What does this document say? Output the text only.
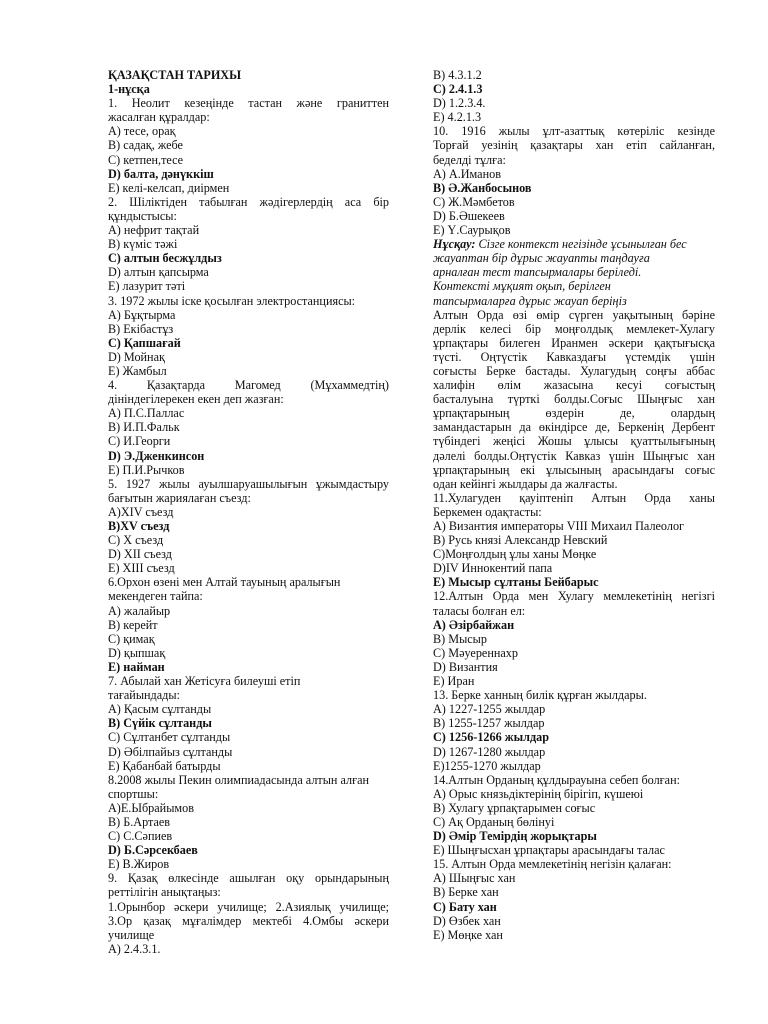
ҚАЗАҚСТАН ТАРИХЫ
1-нұсқа
1. Неолит кезеңінде тастан және граниттен
жасалған құралдар:
А) тесе, орақ
В) садақ, жебе
С) кетпен,тесе
D) балта, дәнүккіш
Е) келі-келсап, диірмен
2. Шіліктіден табылған жәдігерлердің аса бір
құндыстысы:
А) нефрит тақтай
В) күміс тәжі
С) алтын бесжұлдыз
D) алтын қапсырма
Е) лазурит тәті
3. 1972 жылы іске қосылған электростанциясы:
А) Бұқтырма
В) Екібастұз
С) Қапшағай
D) Мойнақ
Е) Жамбыл
4. Қазақтарда Магомед (Мұхаммедтің)
дінiндегілерекен екен деп жазған:
А) П.С.Паллас
В) И.П.Фальк
С) И.Георги
D) Э.Дженкинсон
Е) П.И.Рычков
5. 1927 жылы ауылшаруашылығын ұжымдастыру
бағытын жариялаған съезд:
А)XIV съезд
В)XV съезд
С) X съезд
D) XII съезд
Е) XIII съезд
6.Орхон өзені мен Алтай тауының аралығын
мекендеген тайпа:
А) жалайыр
В) керейт
С) қимақ
D) қыпшақ
Е) найман
7. Абылай хан Жетісуға билеуші етіп
тағайындады:
А) Қасым сұлтанды
В) Сүйік сұлтанды
С) Сұлтанбет сұлтанды
D) Әбілпайыз сұлтанды
Е) Қабанбай батырды
8.2008 жылы Пекин олимпиадасында алтын алған
спортшы:
А)Е.Ыбрайымов
В) Б.Артаев
С) С.Сәпиев
D) Б.Сәрсекбаев
Е) В.Жиров
9. Қазақ өлкесінде ашылған оқу орындарының
реттілігін анықтаңыз:
1.Орынбор әскери училище; 2.Азиялық училище;
3.Ор қазақ мұғалімдер мектебі 4.Омбы әскери
училище
А) 2.4.3.1.
В) 4.3.1.2
С) 2.4.1.3
D) 1.2.3.4.
Е) 4.2.1.3
10. 1916 жылы ұлт-азаттық көтеріліс кезінде
Торғай уезінің қазақтары хан етіп сайланған,
беделді тұлға:
А) А.Иманов
В) Ә.Жанбосынов
С) Ж.Мәмбетов
D) Б.Әшекеев
Е) Ү.Саурықов
Нұсқау: Сізге контекст негізінде ұсынылған бес
жауаптан бір дұрыс жауапты таңдауға
арналған тест тапсырмалары беріледі.
Контекстi мұқият оқып, берілген
тапсырмаларға дұрыс жауап беріңіз
Алтын Орда өзі өмір сүрген уақытының бәріне
дерлік келесі бір моңғолдық мемлекет-Хулагу
ұрпақтары билеген Иранмен әскери қақтығысқа
түсті. Оңтүстік Кавказдағы үстемдік үшін
соғысты Берке бастады. Хулагудың соңғы аббас
халифін өлім жазасына кесуі соғыстың
басталуына түрткі болды.Соғыс Шыңғыс хан
ұрпақтарының өздерін де, олардың
замандастарын да өкіндірсе де, Беркенің Дербент
түбіндегі жеңісі Жошы ұлысы қуаттылығының
дәлелі болды.Оңтүстік Кавказ үшін Шыңғыс хан
ұрпақтарының екі ұлысының арасындағы соғыс
одан кейінгі жылдары да жалғасты.
11.Хулагуден қауіптеніп Алтын Орда ханы
Беркемен одақтасты:
А) Византия императоры VIII Михаил Палеолог
В) Русь князі Александр Невский
С)Моңғолдың ұлы ханы Мөңке
D)IV Иннокентий папа
Е) Мысыр сұлтаны Бейбарыс
12.Алтын Орда мен Хулагу мемлекетінің негізгі
таласы болған ел:
А) Әзірбайжан
В) Мысыр
С) Мәуереннахр
D) Византия
Е) Иран
13. Берке ханның билік құрған жылдары.
А) 1227-1255 жылдар
В) 1255-1257 жылдар
С) 1256-1266 жылдар
D) 1267-1280 жылдар
Е)1255-1270 жылдар
14.Алтын Орданың құлдырауына себеп болған:
А) Орыс князьдіктерінің бірігіп, күшеюі
В) Хулагу ұрпақтарымен соғыс
С) Ақ Орданың бөлінуі
D) Әмір Темірдің жорықтары
Е) Шыңғысхан ұрпақтары арасындағы талас
15. Алтын Орда мемлекетінің негізін қалаған:
А) Шыңғыс хан
В) Берке хан
С) Бату хан
D) Өзбек хан
Е) Мөңке хан
